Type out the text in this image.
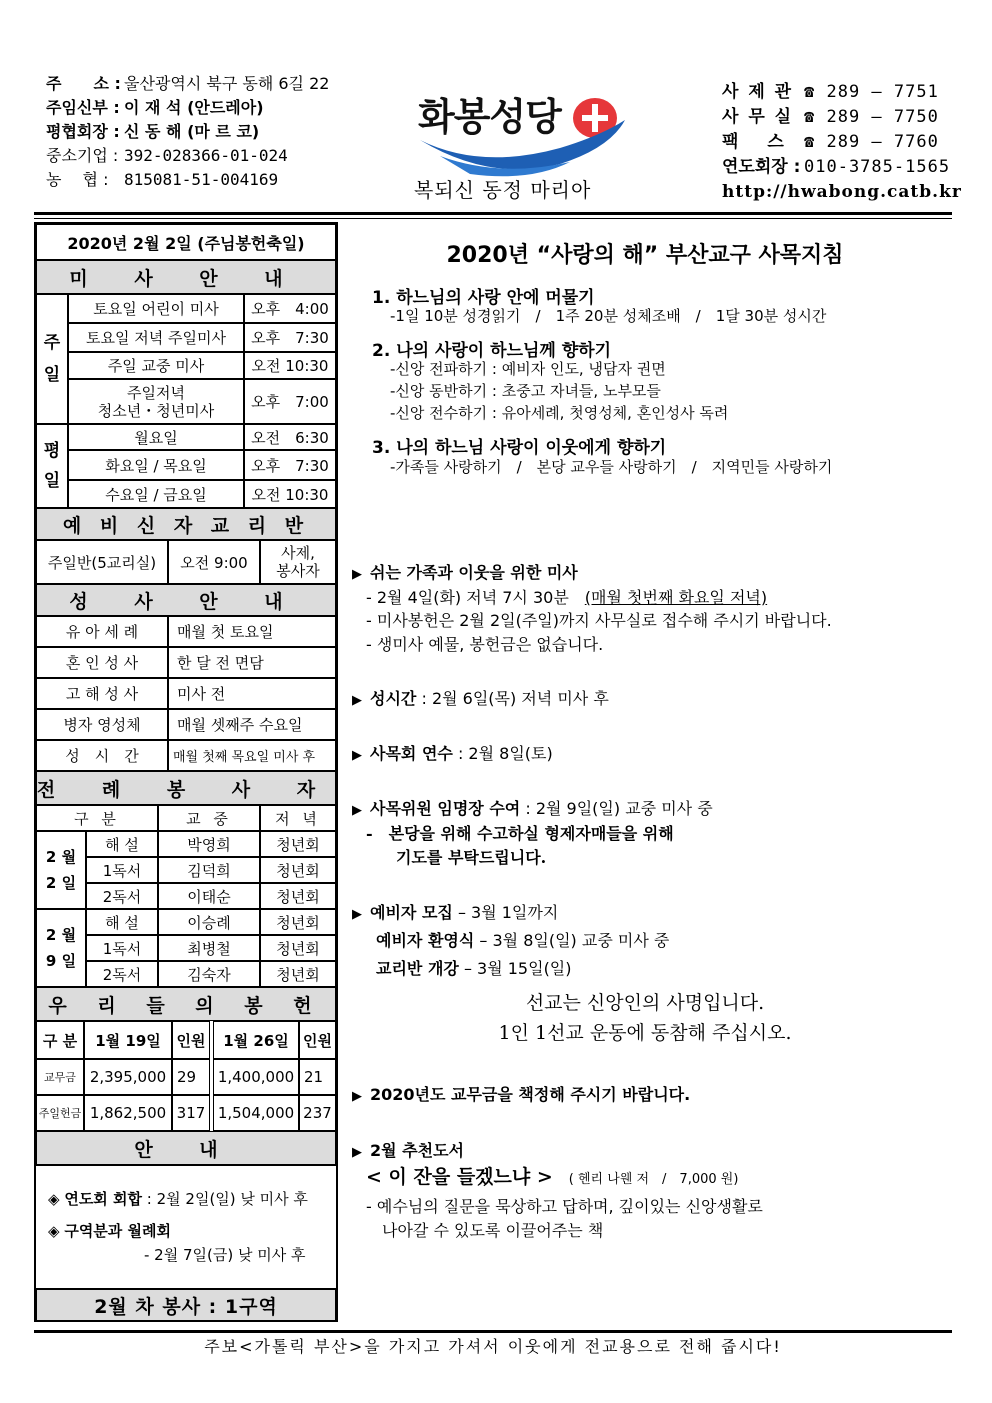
주　　소 : 울산광역시 북구 동해 6길 22
주임신부 : 이 재 석 (안드레아)
평협회장 : 신 동 해 (마 르 코)
중소기업 : 392-028366-01-024
농　 협 : 815081-51-004169
화봉성당
복되신 동정 마리아
사 제 관 ☎ 289 – 7751
사 무 실 ☎ 289 – 7750
팩　 스	☎ 289 – 7760
연도회장 : 010-3785-1565
http://hwabong.catb.kr
2020년 2월 2일 (주님봉헌축일)
미 사 안 내
주일
토요일 어린이 미사	오후　4:00
토요일 저녁 주일미사	오후　7:30
주일 교중 미사	오전 10:30
주일저녁
청소년・청년미사	오후　7:00
평일
월요일	오전　6:30
화요일 / 목요일	오후　7:30
수요일 / 금요일	오전 10:30
예 비 신 자 교 리 반
주일반(5교리실)	오전 9:00
사제,
봉사자
성 사 안 내
유 아 세 례	매월 첫 토요일
혼 인 성 사	한 달 전 면담
고 해 성 사	미사 전
병자 영성체	매월 셋째주 수요일
성　시　간	매월 첫째 목요일 미사 후
전 례 봉 사 자
구 분	교 중	저 녁
2 월
2 일
해 설	박영희	청년회
1독서	김덕희	청년회
2독서	이태순	청년회
2 월
9 일
해 설	이승례	청년회
1독서	최병철	청년회
2독서	김숙자	청년회
우 리 들 의 봉 헌
구 분	1월 19일	인원	1월 26일 인원
교무금 2,395,000 29	1,400,000 21
주일헌금 1,862,500 317 1,504,000 237
안 내
◈ 연도회 회합 : 2월 2일(일) 낮 미사 후
◈ 구역분과 월례회
- 2월 7일(금) 낮 미사 후
2월 차 봉사 : 1구역
2020년 “사랑의 해” 부산교구 사목지침
1. 하느님의 사랑 안에 머물기
-1일 10분 성경읽기　/　1주 20분 성체조배　/　1달 30분 성시간
2. 나의 사랑이 하느님께 향하기
-신앙 전파하기 : 예비자 인도, 냉담자 권면
-신앙 동반하기 : 초중고 자녀들, 노부모들
-신앙 전수하기 : 유아세례, 첫영성체, 혼인성사 독려
3. 나의 하느님 사랑이 이웃에게 향하기
-가족들 사랑하기　/　본당 교우들 사랑하기　/　지역민들 사랑하기
▶ 쉬는 가족과 이웃을 위한 미사
- 2월 4일(화) 저녁 7시 30분　 (매월 첫번째 화요일 저녁)
- 미사봉헌은 2월 2일(주일)까지 사무실로 접수해 주시기 바랍니다.
- 생미사 예물, 봉헌금은 없습니다.
▶ 성시간 : 2월 6일(목) 저녁 미사 후
▶ 사목회 연수 : 2월 8일(토)
▶ 사목위원 임명장 수여 : 2월 9일(일) 교중 미사 중
-　본당을 위해 수고하실 형제자매들을 위해
기도를 부탁드립니다.
▶ 예비자 모집 – 3월 1일까지
예비자 환영식 – 3월 8일(일) 교중 미사 중
교리반 개강 – 3월 15일(일)
선교는 신앙인의 사명입니다.
1인 1선교 운동에 동참해 주십시오.
▶ 2020년도 교무금을 책정해 주시기 바랍니다.
▶ 2월 추천도서
< 이 잔을 들겠느냐 >　 ( 헨리 나웬 저　/　7,000 원)
- 예수님의 질문을 묵상하고 답하며, 깊이있는 신앙생활로
나아갈 수 있도록 이끌어주는 책
주보<가톨릭 부산>을 가지고 가셔서 이웃에게 전교용으로 전해 줍시다!
